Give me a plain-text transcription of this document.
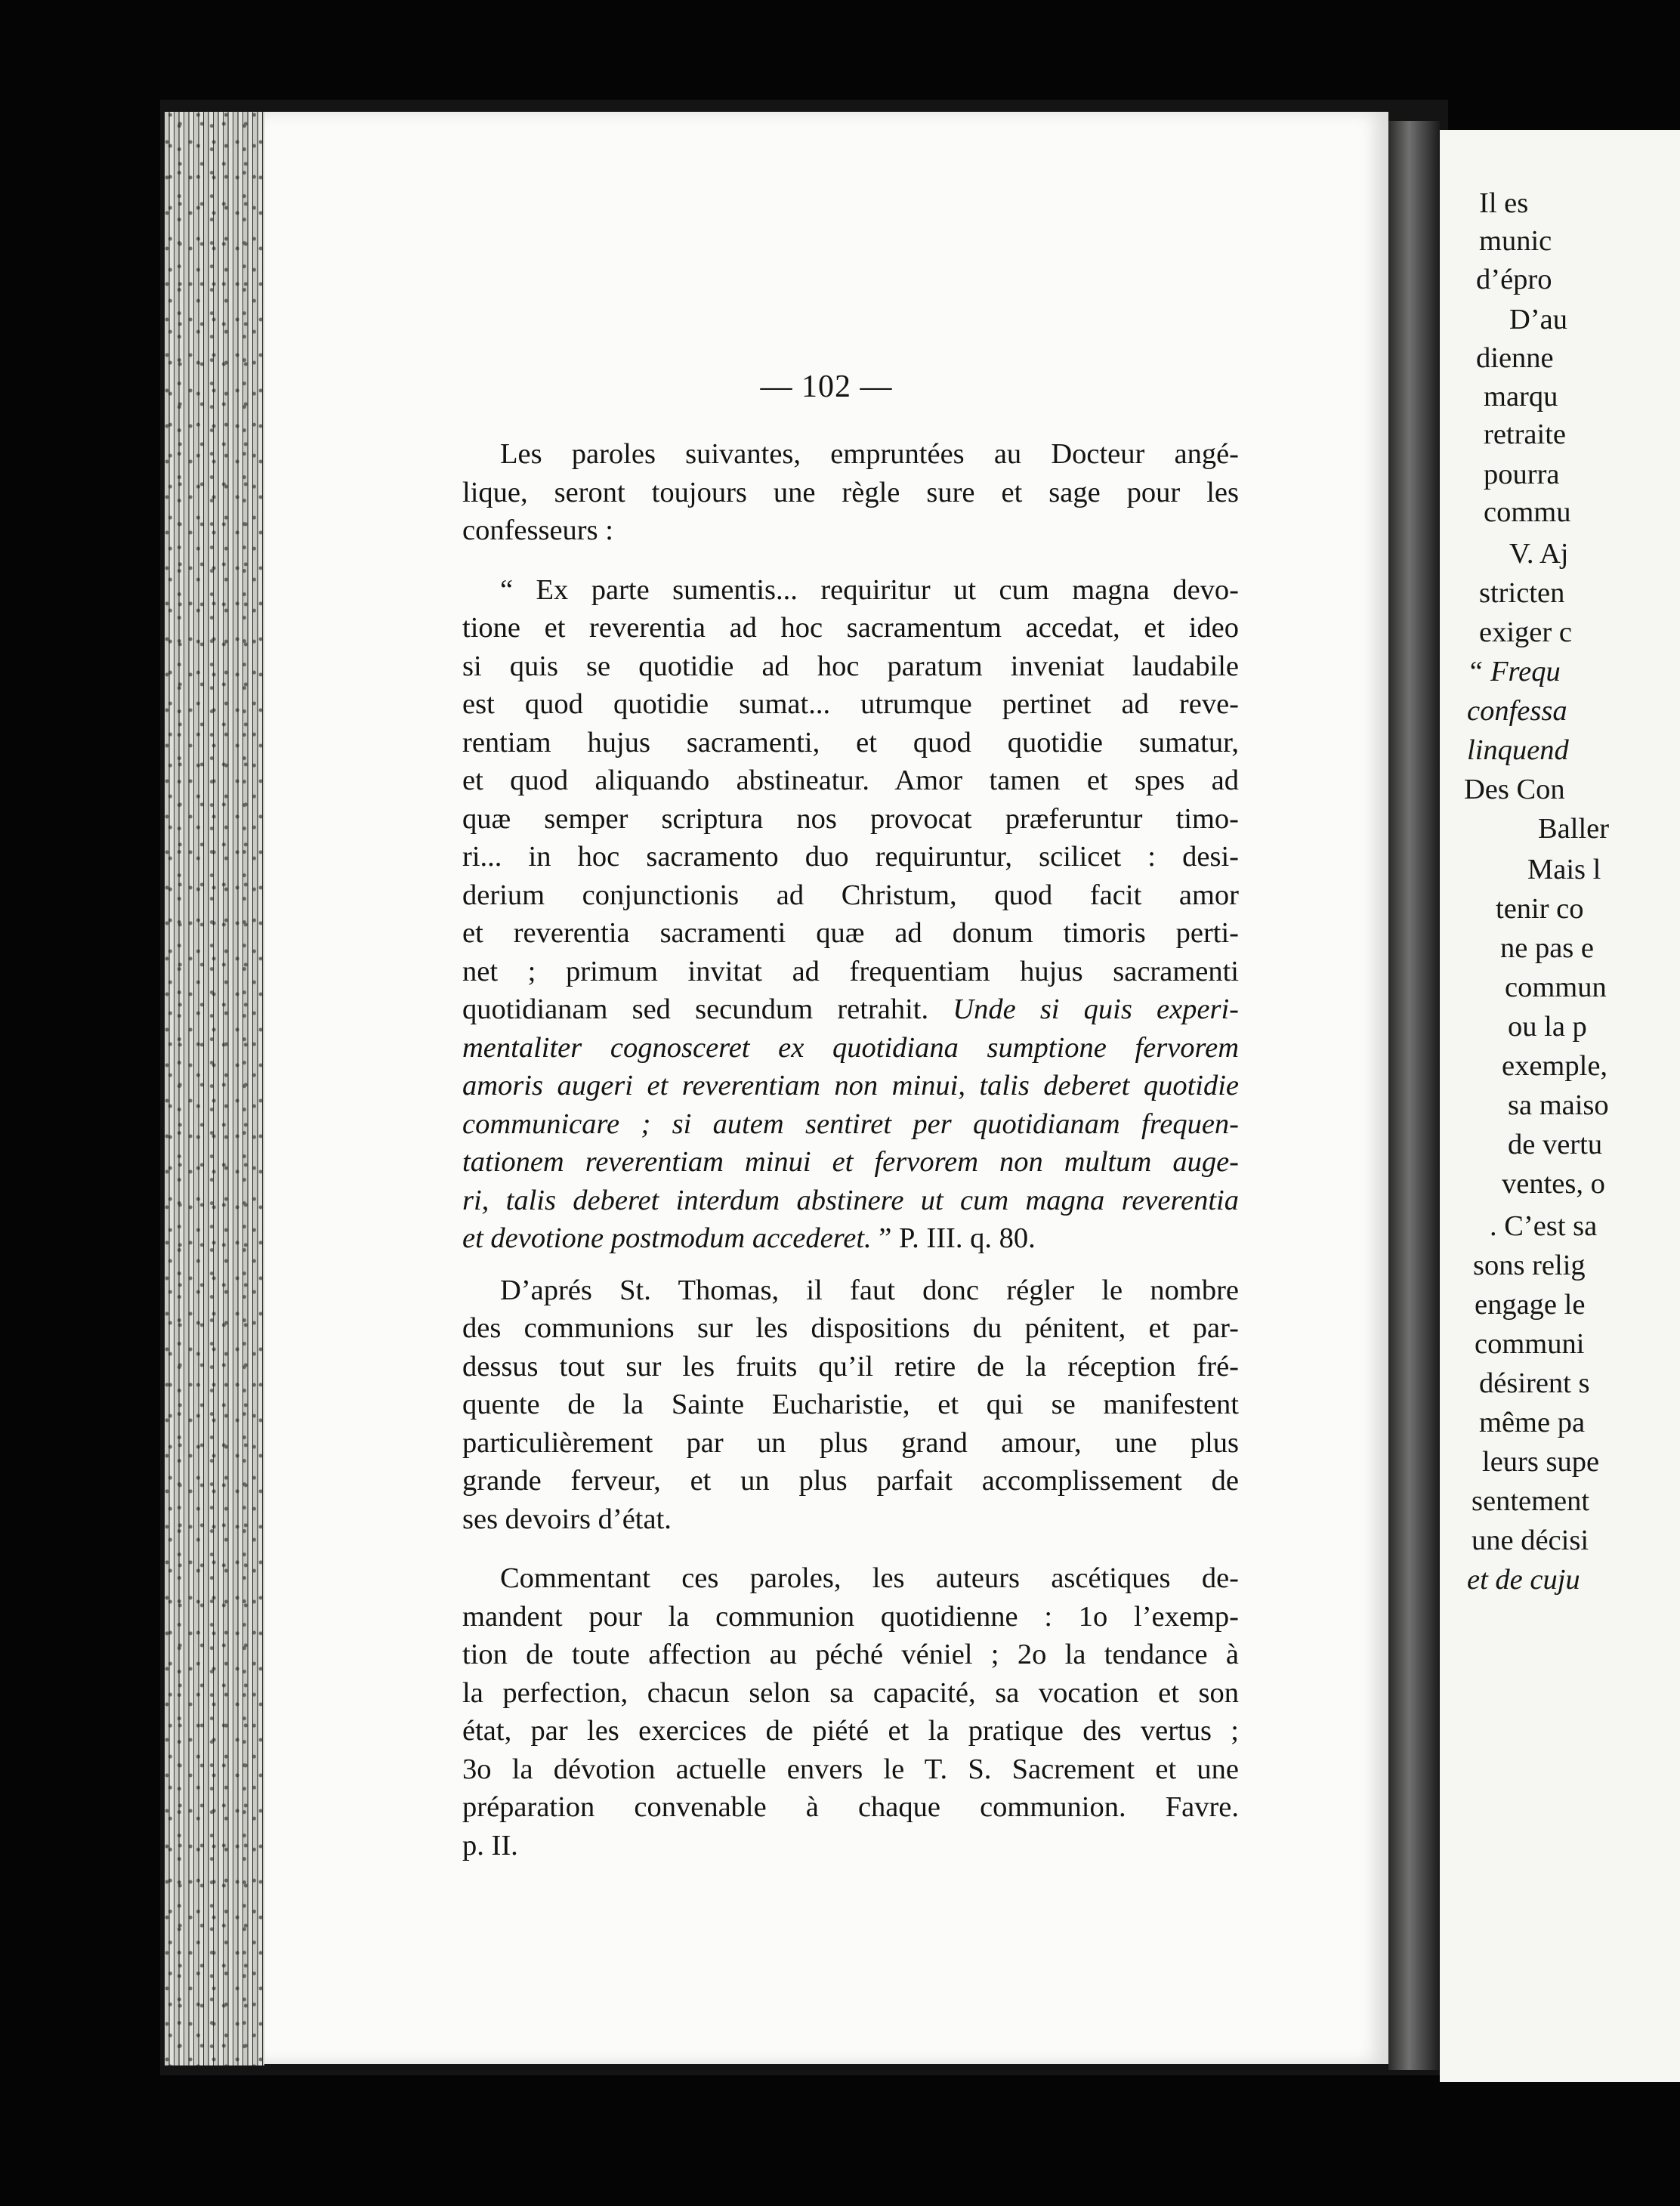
— 102 —

Les paroles suivantes, empruntées au Docteur angé-
lique, seront toujours une règle sure et sage pour les
confesseurs :

“ Ex parte sumentis... requiritur ut cum magna devo-
tione et reverentia ad hoc sacramentum accedat, et ideo
si quis se quotidie ad hoc paratum inveniat laudabile
est quod quotidie sumat... utrumque pertinet ad reve-
rentiam hujus sacramenti, et quod quotidie sumatur,
et quod aliquando abstineatur. Amor tamen et spes ad
quæ semper scriptura nos provocat præferuntur timo-
ri... in hoc sacramento duo requiruntur, scilicet : desi-
derium conjunctionis ad Christum, quod facit amor
et reverentia sacramenti quæ ad donum timoris perti-
net ; primum invitat ad frequentiam hujus sacramenti
quotidianam sed secundum retrahit. Unde si quis experi-
mentaliter cognosceret ex quotidiana sumptione fervorem
amoris augeri et reverentiam non minui, talis deberet quotidie
communicare ; si autem sentiret per quotidianam frequen-
tationem reverentiam minui et fervorem non multum auge-
ri, talis deberet interdum abstinere ut cum magna reverentia
et devotione postmodum accederet. ” P. III. q. 80.

D’aprés St. Thomas, il faut donc régler le nombre
des communions sur les dispositions du pénitent, et par-
dessus tout sur les fruits qu’il retire de la réception fré-
quente de la Sainte Eucharistie, et qui se manifestent
particulièrement par un plus grand amour, une plus
grande ferveur, et un plus parfait accomplissement de
ses devoirs d’état.

Commentant ces paroles, les auteurs ascétiques de-
mandent pour la communion quotidienne : 1o l’exemp-
tion de toute affection au péché véniel ; 2o la tendance à
la perfection, chacun selon sa capacité, sa vocation et son
état, par les exercices de piété et la pratique des vertus ;
3o la dévotion actuelle envers le T. S. Sacrement et une
préparation convenable à chaque communion. Favre.
p. II.

Il es
munic
d’épro
D’au
dienne
marqu
retraite
pourra
commu
V. Aj
stricten
exiger c
“ Frequ
confessa
linquend
Des Con
Baller
Mais l
tenir co
ne pas e
commun
ou la p
exemple,
sa maiso
de vertu
ventes, o
. C’est sa
sons relig
engage le
communi
désirent s
même pa
leurs supe
sentement
une décisi
et de cuju
